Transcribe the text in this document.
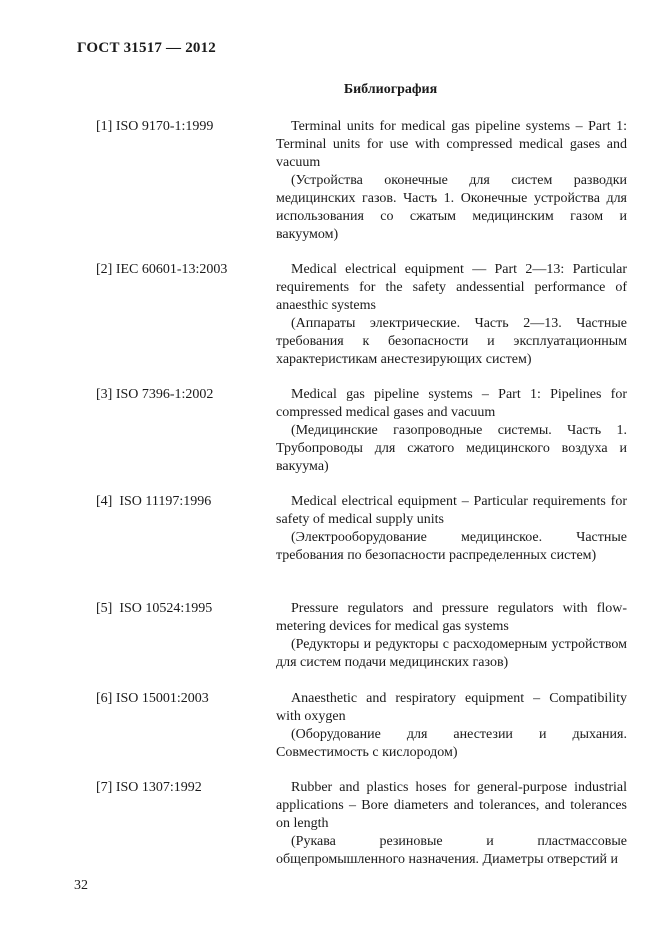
ГОСТ 31517 — 2012
Библиография
[1] ISO 9170-1:1999	Terminal units for medical gas pipeline systems – Part 1: Terminal units for use with compressed medical gases and vacuum

(Устройства оконечные для систем разводки медицинских газов. Часть 1. Оконечные устройства для использования со сжатым медицинским газом и вакуумом)

[2] IEC 60601-13:2003	Medical electrical equipment — Part 2—13: Particular requirements for the safety andessential performance of anaesthic systems

(Аппараты электрические. Часть 2—13. Частные требования к безопасности и эксплуатационным характеристикам анестезирующих систем)

[3] ISO 7396-1:2002	Medical gas pipeline systems – Part 1: Pipelines for compressed medical gases and vacuum

(Медицинские газопроводные системы. Часть 1. Трубопроводы для сжатого медицинского воздуха и вакуума)

[4]  ISO 11197:1996	Medical electrical equipment – Particular requirements for safety of medical supply units

(Электрооборудование медицинское. Частные требования по безопасности распределенных систем)

[5]  ISO 10524:1995	Pressure regulators and pressure regulators with flow-metering devices for medical gas systems

(Редукторы и редукторы с расходомерным устройством для систем подачи медицинских газов)

[6] ISO 15001:2003	Anaesthetic and respiratory equipment – Compatibility with oxygen

(Оборудование для анестезии и дыхания. Совместимость с кислородом)

[7] ISO 1307:1992	Rubber and plastics hoses for general-purpose industrial applications – Bore diameters and tolerances, and tolerances on length

(Рукава резиновые и пластмассовые общепромышленного назначения. Диаметры отверстий и

32
